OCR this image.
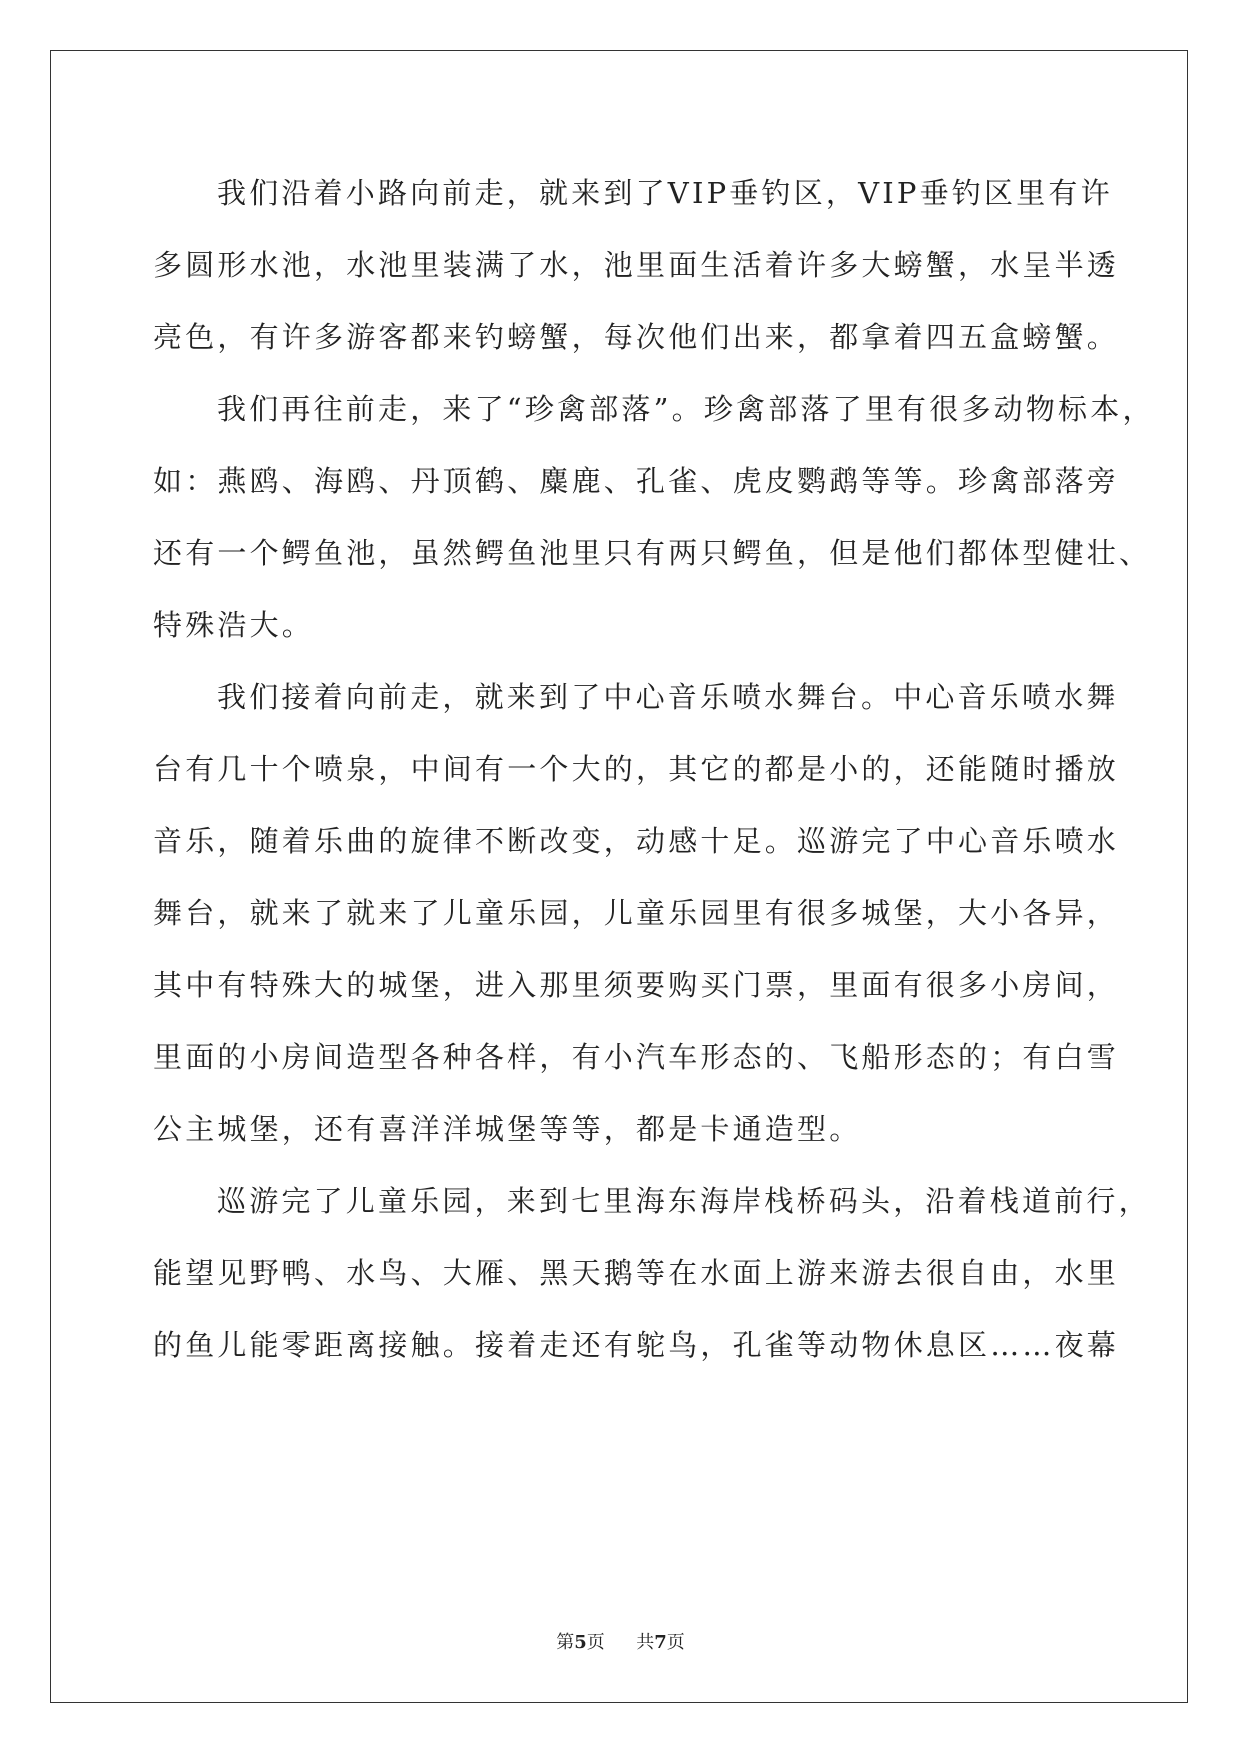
我们沿着小路向前走，就来到了VIP垂钓区，VIP垂钓区里有许
多圆形水池，水池里装满了水，池里面生活着许多大螃蟹，水呈半透
亮色，有许多游客都来钓螃蟹，每次他们出来，都拿着四五盒螃蟹。
我们再往前走，来了“珍禽部落”。珍禽部落了里有很多动物标本，
如：燕鸥、海鸥、丹顶鹤、麋鹿、孔雀、虎皮鹦鹉等等。珍禽部落旁
还有一个鳄鱼池，虽然鳄鱼池里只有两只鳄鱼，但是他们都体型健壮、
特殊浩大。
我们接着向前走，就来到了中心音乐喷水舞台。中心音乐喷水舞
台有几十个喷泉，中间有一个大的，其它的都是小的，还能随时播放
音乐，随着乐曲的旋律不断改变，动感十足。巡游完了中心音乐喷水
舞台，就来了就来了儿童乐园，儿童乐园里有很多城堡，大小各异，
其中有特殊大的城堡，进入那里须要购买门票，里面有很多小房间，
里面的小房间造型各种各样，有小汽车形态的、飞船形态的；有白雪
公主城堡，还有喜洋洋城堡等等，都是卡通造型。
巡游完了儿童乐园，来到七里海东海岸栈桥码头，沿着栈道前行，
能望见野鸭、水鸟、大雁、黑天鹅等在水面上游来游去很自由，水里
的鱼儿能零距离接触。接着走还有鸵鸟，孔雀等动物休息区……夜幕
第5页 共7页
